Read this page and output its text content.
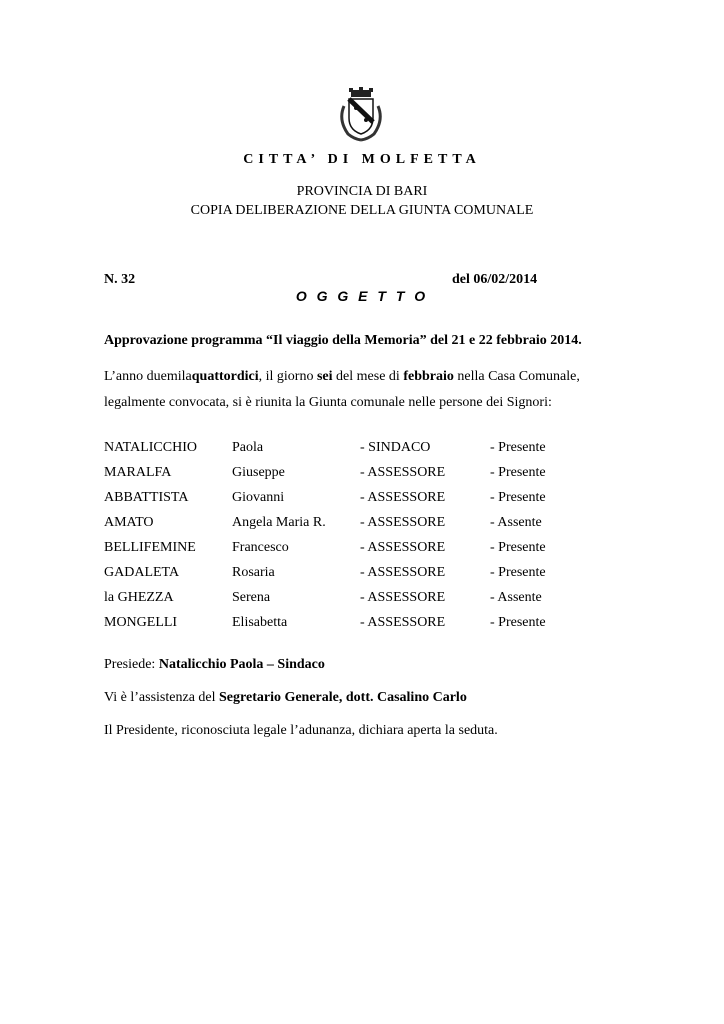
CITTA’ DI MOLFETTA
PROVINCIA DI BARI
COPIA DELIBERAZIONE DELLA GIUNTA COMUNALE
N. 32	del 06/02/2014
O G G E T T O
Approvazione programma “Il viaggio della Memoria” del 21 e 22 febbraio 2014.
L’anno duemilaquattordici, il giorno sei del mese di febbraio nella Casa Comunale,
legalmente convocata, si è riunita la Giunta comunale nelle persone dei Signori:
NATALICCHIO	Paola	- SINDACO	- Presente
MARALFA	Giuseppe	- ASSESSORE	- Presente
ABBATTISTA	Giovanni	- ASSESSORE	- Presente
AMATO	Angela Maria R. - ASSESSORE	- Assente
BELLIFEMINE	Francesco	- ASSESSORE	- Presente
GADALETA	Rosaria	- ASSESSORE	- Presente
la GHEZZA	Serena	- ASSESSORE	- Assente
MONGELLI	Elisabetta	- ASSESSORE	- Presente
Presiede: Natalicchio Paola – Sindaco
Vi è l’assistenza del Segretario Generale, dott. Casalino Carlo
Il Presidente, riconosciuta legale l’adunanza, dichiara aperta la seduta.
